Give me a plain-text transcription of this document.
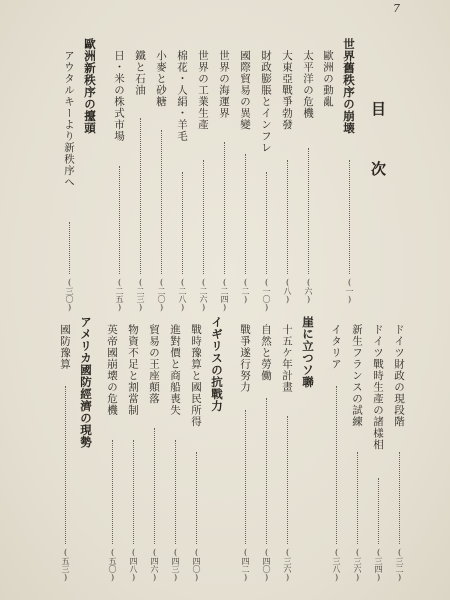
7
目
次
世界舊秩序の崩壊
(一)
歐洲の動亂
太平洋の危機
(六)
大東亞戰爭勃發
(八)
財政膨脹とインフレ
(一〇)
國際貿易の異變
(二)
世界の海運界
(二四)
世界の工業生產
(二六)
棉花・人絹・羊毛
(二八)
小麥と砂糖
(二〇)
鐵と石油
(二三)
日・米の株式市場
(二五)
歐洲新秩序の擡頭
アウタルキーより新秩序へ
(三〇)
ドイツ財政の現段階
(三二)
ドイツ戰時生產の諸樣相
(三四)
新生フランスの試練
(三六)
イタリア
(三八)
崖に立つソ聯
十五ケ年計畫
(三六)
自然と勞働
(四〇)
戰爭遂行努力
(四二)
イギリスの抗戰力
戰時豫算と國民所得
(四〇)
進對價と商船喪失
(四三)
貿易の王座顛落
(四六)
物資不足と割當制
(四八)
英帝國崩壊の危機
(五〇)
アメリカ國防經濟の現勢
國防豫算
(五三)
